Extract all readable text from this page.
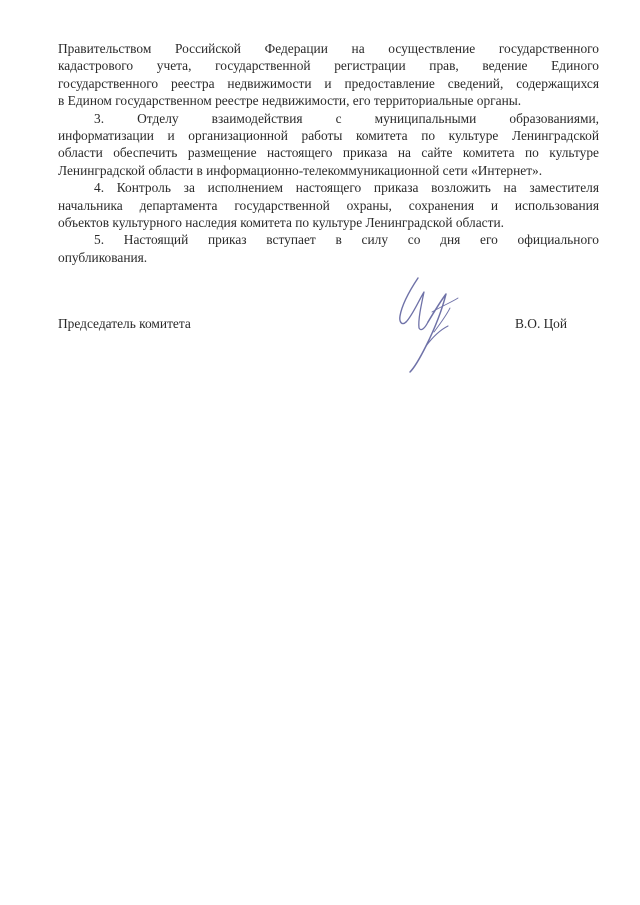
Правительством Российской Федерации на осуществление государственного
кадастрового учета, государственной регистрации прав, ведение Единого
государственного реестра недвижимости и предоставление сведений, содержащихся
в Едином государственном реестре недвижимости, его территориальные органы.
3. Отделу взаимодействия с муниципальными образованиями,
информатизации и организационной работы комитета по культуре Ленинградской
области обеспечить размещение настоящего приказа на сайте комитета по культуре
Ленинградской области в информационно-телекоммуникационной сети «Интернет».
4. Контроль за исполнением настоящего приказа возложить на заместителя
начальника департамента государственной охраны, сохранения и использования
объектов культурного наследия комитета по культуре Ленинградской области.
5. Настоящий приказ вступает в силу со дня его официального
опубликования.
Председатель комитета	В.О. Цой
